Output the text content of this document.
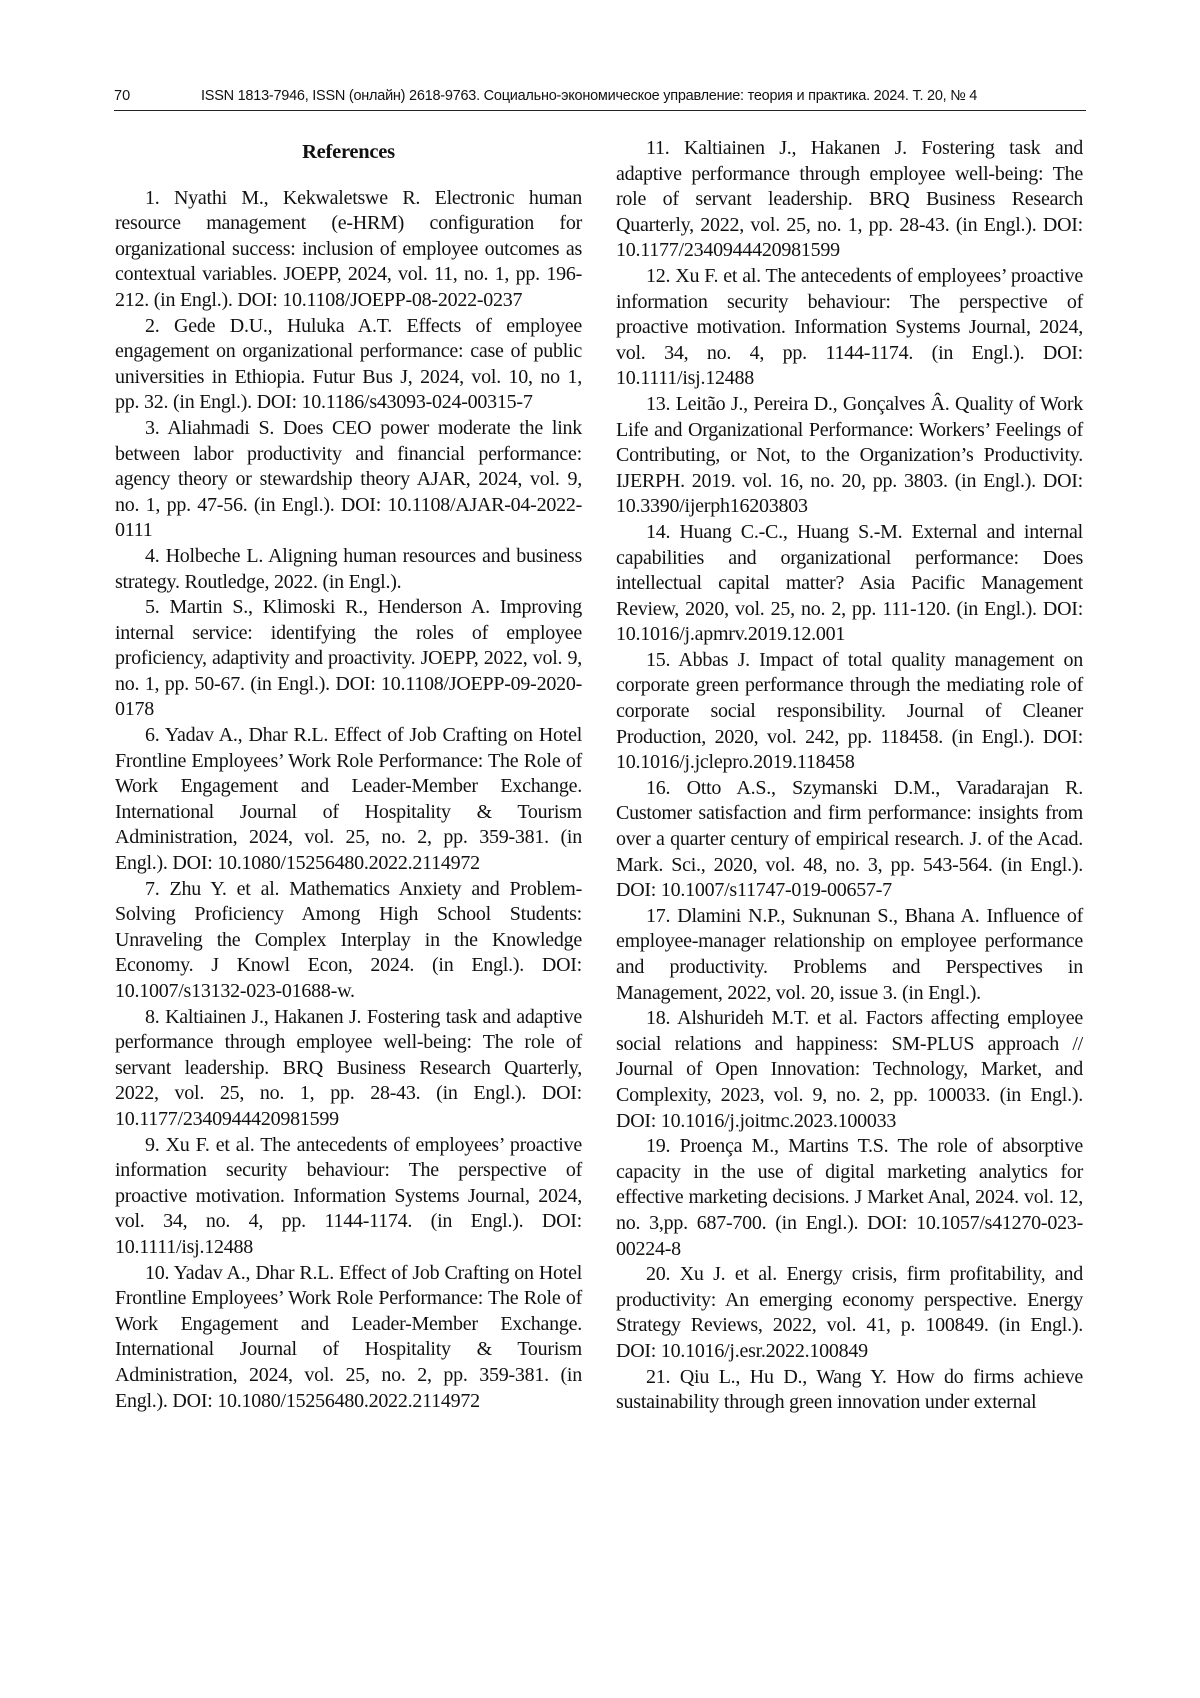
70	ISSN 1813-7946, ISSN (онлайн) 2618-9763. Социально-экономическое управление: теория и практика. 2024. Т. 20, № 4
References

1. Nyathi M., Kekwaletswe R. Electronic human resource management (e-HRM) configuration for organizational success: inclusion of employee outcomes as contextual variables. JOEPP, 2024, vol. 11, no. 1, pp. 196-212. (in Engl.). DOI: 10.1108/JOEPP-08-2022-0237

2. Gede D.U., Huluka A.T. Effects of employee engagement on organizational performance: case of public universities in Ethiopia. Futur Bus J, 2024, vol. 10, no 1, pp. 32. (in Engl.). DOI: 10.1186/s43093-024-00315-7

3. Aliahmadi S. Does CEO power moderate the link between labor productivity and financial performance: agency theory or stewardship theory AJAR, 2024, vol. 9, no. 1, pp. 47-56. (in Engl.). DOI: 10.1108/AJAR-04-2022-0111

4. Holbeche L. Aligning human resources and business strategy. Routledge, 2022. (in Engl.).

5. Martin S., Klimoski R., Henderson A. Improving internal service: identifying the roles of employee proficiency, adaptivity and proactivity. JOEPP, 2022, vol. 9, no. 1, pp. 50-67. (in Engl.). DOI: 10.1108/JOEPP-09-2020-0178

6. Yadav A., Dhar R.L. Effect of Job Crafting on Hotel Frontline Employees’ Work Role Performance: The Role of Work Engagement and Leader-Member Exchange. International Journal of Hospitality & Tourism Administration, 2024, vol. 25, no. 2, pp. 359-381. (in Engl.). DOI: 10.1080/15256480.2022.2114972

7. Zhu Y. et al. Mathematics Anxiety and Problem-Solving Proficiency Among High School Students: Unraveling the Complex Interplay in the Knowledge Economy. J Knowl Econ, 2024. (in Engl.). DOI: 10.1007/s13132-023-01688-w.

8. Kaltiainen J., Hakanen J. Fostering task and adaptive performance through employee well-being: The role of servant leadership. BRQ Business Research Quarterly, 2022, vol. 25, no. 1, pp. 28-43. (in Engl.). DOI: 10.1177/2340944420981599

9. Xu F. et al. The antecedents of employees’ proactive information security behaviour: The perspective of proactive motivation. Information Systems Journal, 2024, vol. 34, no. 4, pp. 1144-1174. (in Engl.). DOI: 10.1111/isj.12488

10. Yadav A., Dhar R.L. Effect of Job Crafting on Hotel Frontline Employees’ Work Role Performance: The Role of Work Engagement and Leader-Member Exchange. International Journal of Hospitality & Tourism Administration, 2024, vol. 25, no. 2, pp. 359-381. (in Engl.). DOI: 10.1080/15256480.2022.2114972

11. Kaltiainen J., Hakanen J. Fostering task and adaptive performance through employee well-being: The role of servant leadership. BRQ Business Research Quarterly, 2022, vol. 25, no. 1, pp. 28-43. (in Engl.). DOI: 10.1177/2340944420981599

12. Xu F. et al. The antecedents of employees’ proactive information security behaviour: The perspective of proactive motivation. Information Systems Journal, 2024, vol. 34, no. 4, pp. 1144-1174. (in Engl.). DOI: 10.1111/isj.12488

13. Leitão J., Pereira D., Gonçalves Â. Quality of Work Life and Organizational Performance: Workers’ Feelings of Contributing, or Not, to the Organization’s Productivity. IJERPH. 2019. vol. 16, no. 20, pp. 3803. (in Engl.). DOI: 10.3390/ijerph16203803

14. Huang C.-C., Huang S.-M. External and internal capabilities and organizational performance: Does intellectual capital matter? Asia Pacific Management Review, 2020, vol. 25, no. 2, pp. 111-120. (in Engl.). DOI: 10.1016/j.apmrv.2019.12.001

15. Abbas J. Impact of total quality management on corporate green performance through the mediating role of corporate social responsibility. Journal of Cleaner Production, 2020, vol. 242, pp. 118458. (in Engl.). DOI: 10.1016/j.jclepro.2019.118458

16. Otto A.S., Szymanski D.M., Varadarajan R. Customer satisfaction and firm performance: insights from over a quarter century of empirical research. J. of the Acad. Mark. Sci., 2020, vol. 48, no. 3, pp. 543-564. (in Engl.). DOI: 10.1007/s11747-019-00657-7

17. Dlamini N.P., Suknunan S., Bhana A. Influence of employee-manager relationship on employee performance and productivity. Problems and Perspectives in Management, 2022, vol. 20, issue 3. (in Engl.).

18. Alshurideh M.T. et al. Factors affecting employee social relations and happiness: SM-PLUS approach // Journal of Open Innovation: Technology, Market, and Complexity, 2023, vol. 9, no. 2, pp. 100033. (in Engl.). DOI: 10.1016/j.joitmc.2023.100033

19. Proença M., Martins T.S. The role of absorptive capacity in the use of digital marketing analytics for effective marketing decisions. J Market Anal, 2024. vol. 12, no. 3,pp. 687-700. (in Engl.). DOI: 10.1057/s41270-023-00224-8

20. Xu J. et al. Energy crisis, firm profitability, and productivity: An emerging economy perspective. Energy Strategy Reviews, 2022, vol. 41, p. 100849. (in Engl.). DOI: 10.1016/j.esr.2022.100849

21. Qiu L., Hu D., Wang Y. How do firms achieve sustainability through green innovation under external
